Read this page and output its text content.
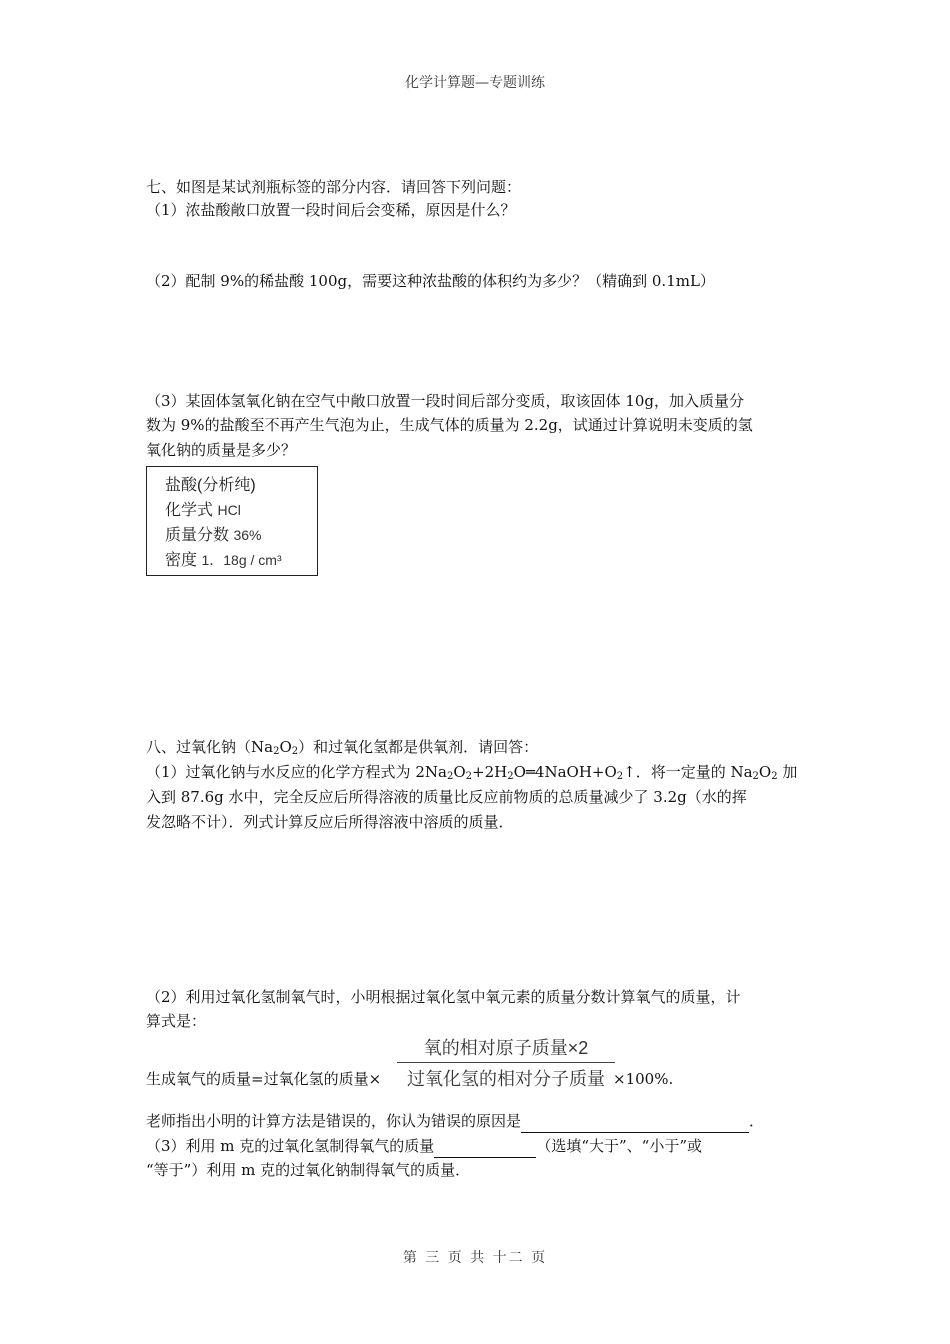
化学计算题—专题训练
七、如图是某试剂瓶标签的部分内容．请回答下列问题：
（1）浓盐酸敞口放置一段时间后会变稀，原因是什么？
（2）配制 9%的稀盐酸 100g，需要这种浓盐酸的体积约为多少？（精确到 0.1mL）
（3）某固体氢氧化钠在空气中敞口放置一段时间后部分变质，取该固体 10g，加入质量分
数为 9%的盐酸至不再产生气泡为止，生成气体的质量为 2.2g，试通过计算说明未变质的氢
氧化钠的质量是多少？
盐酸(分析纯)
化学式 HCl
质量分数 36%
密度 1．18g / cm³
八、过氧化钠$(Na_2O_2)$和过氧化氢都是供氧剂．请回答：
（1）过氧化钠与水反应的化学方程式为 $2Na_2O_2+2H_2O═4NaOH+O_2↑$．将一定量的 $Na_2O_2$ 加
入到 87.6g 水中，完全反应后所得溶液的质量比反应前物质的总质量减少了 3.2g（水的挥
发忽略不计）．列式计算反应后所得溶液中溶质的质量．
（2）利用过氧化氢制氧气时，小明根据过氧化氢中氧元素的质量分数计算氧气的质量，计
算式是：
氧的相对原子质量×2
过氧化氢的相对分子质量
生成氧气的质量=过氧化氢的质量×	×100%.
老师指出小明的计算方法是错误的，你认为错误的原因是	．
（3）利用 m 克的过氧化氢制得氧气的质量	（选填“大于”、“小于”或
“等于”）利用 m 克的过氧化钠制得氧气的质量．
第 三 页 共 十二 页
